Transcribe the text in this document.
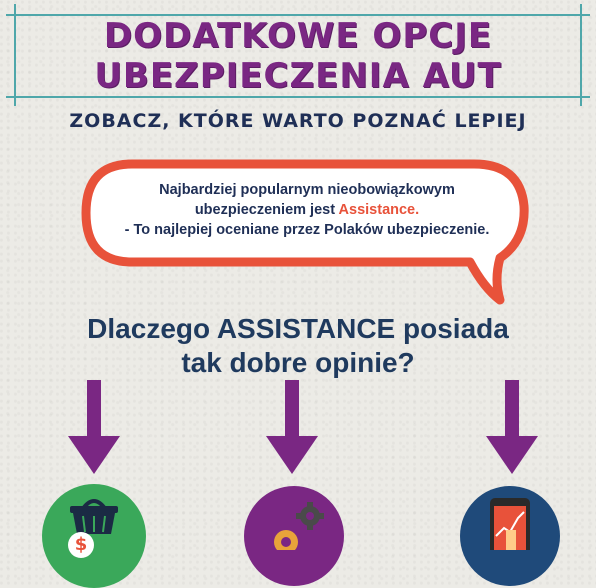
DODATKOWE OPCJE
UBEZPIECZENIA AUT
ZOBACZ, KTÓRE WARTO POZNAĆ LEPIEJ
Najbardziej popularnym nieobowiązkowym
ubezpieczeniem jest Assistance.
- To najlepiej oceniane przez Polaków ubezpieczenie.
Dlaczego ASSISTANCE posiada
tak dobre opinie?
$
